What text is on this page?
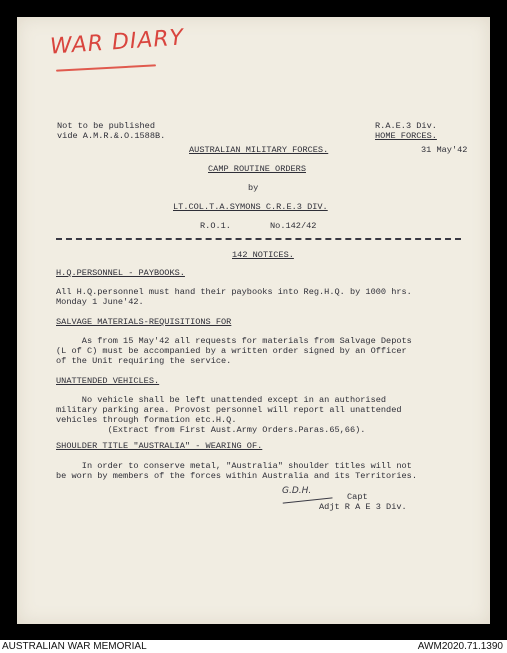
WAR DIARY
Not to be published
vide A.M.R.&.O.1588B.
R.A.E.3 Div.
HOME FORCES.
31 May'42
AUSTRALIAN MILITARY FORCES.
CAMP ROUTINE ORDERS
by
LT.COL.T.A.SYMONS C.R.E.3 DIV.
R.O.1.	No.142/42
142 NOTICES.
H.Q.PERSONNEL - PAYBOOKS.
All H.Q.personnel must hand their paybooks into Reg.H.Q. by 1000 hrs.
Monday 1 June'42.
SALVAGE MATERIALS-REQUISITIONS FOR
As from 15 May'42 all requests for materials from Salvage Depots
(L of C) must be accompanied by a written order signed by an Officer
of the Unit requiring the service.
UNATTENDED VEHICLES.
No vehicle shall be left unattended except in an authorised
military parking area. Provost personnel will report all unattended
vehicles through formation etc.H.Q.
(Extract from First Aust.Army Orders.Paras.65,66).
SHOULDER TITLE "AUSTRALIA" - WEARING OF.
In order to conserve metal, "Australia" shoulder titles will not
be worn by members of the forces within Australia and its Territories.
G.D.H.
Capt
Adjt R A E 3 Div.
AUSTRALIAN WAR MEMORIAL	AWM2020.71.1390
